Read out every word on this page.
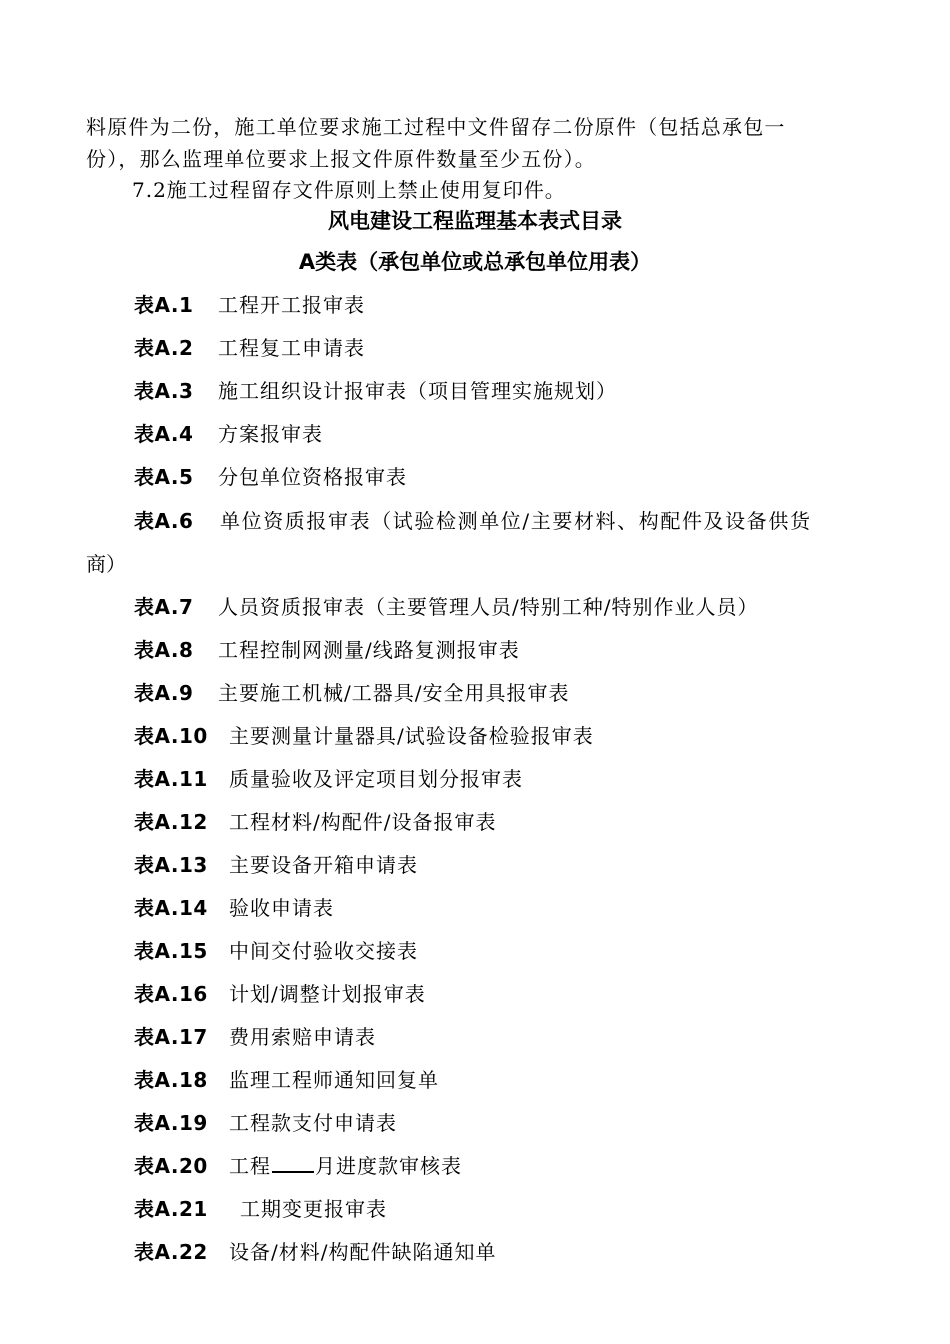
料原件为二份，施工单位要求施工过程中文件留存二份原件（包括总承包一
份），那么监理单位要求上报文件原件数量至少五份）。
7.2施工过程留存文件原则上禁止使用复印件。
风电建设工程监理基本表式目录
A类表（承包单位或总承包单位用表）
表A.1 工程开工报审表
表A.2 工程复工申请表
表A.3 施工组织设计报审表（项目管理实施规划）
表A.4 方案报审表
表A.5 分包单位资格报审表
表A.6 单位资质报审表（试验检测单位/主要材料、构配件及设备供货
商）
表A.7 人员资质报审表（主要管理人员/特别工种/特别作业人员）
表A.8 工程控制网测量/线路复测报审表
表A.9 主要施工机械/工器具/安全用具报审表
表A.10 主要测量计量器具/试验设备检验报审表
表A.11 质量验收及评定项目划分报审表
表A.12 工程材料/构配件/设备报审表
表A.13 主要设备开箱申请表
表A.14 验收申请表
表A.15 中间交付验收交接表
表A.16 计划/调整计划报审表
表A.17 费用索赔申请表
表A.18 监理工程师通知回复单
表A.19 工程款支付申请表
表A.20 工程 月进度款审核表
表A.21 工期变更报审表
表A.22 设备/材料/构配件缺陷通知单
